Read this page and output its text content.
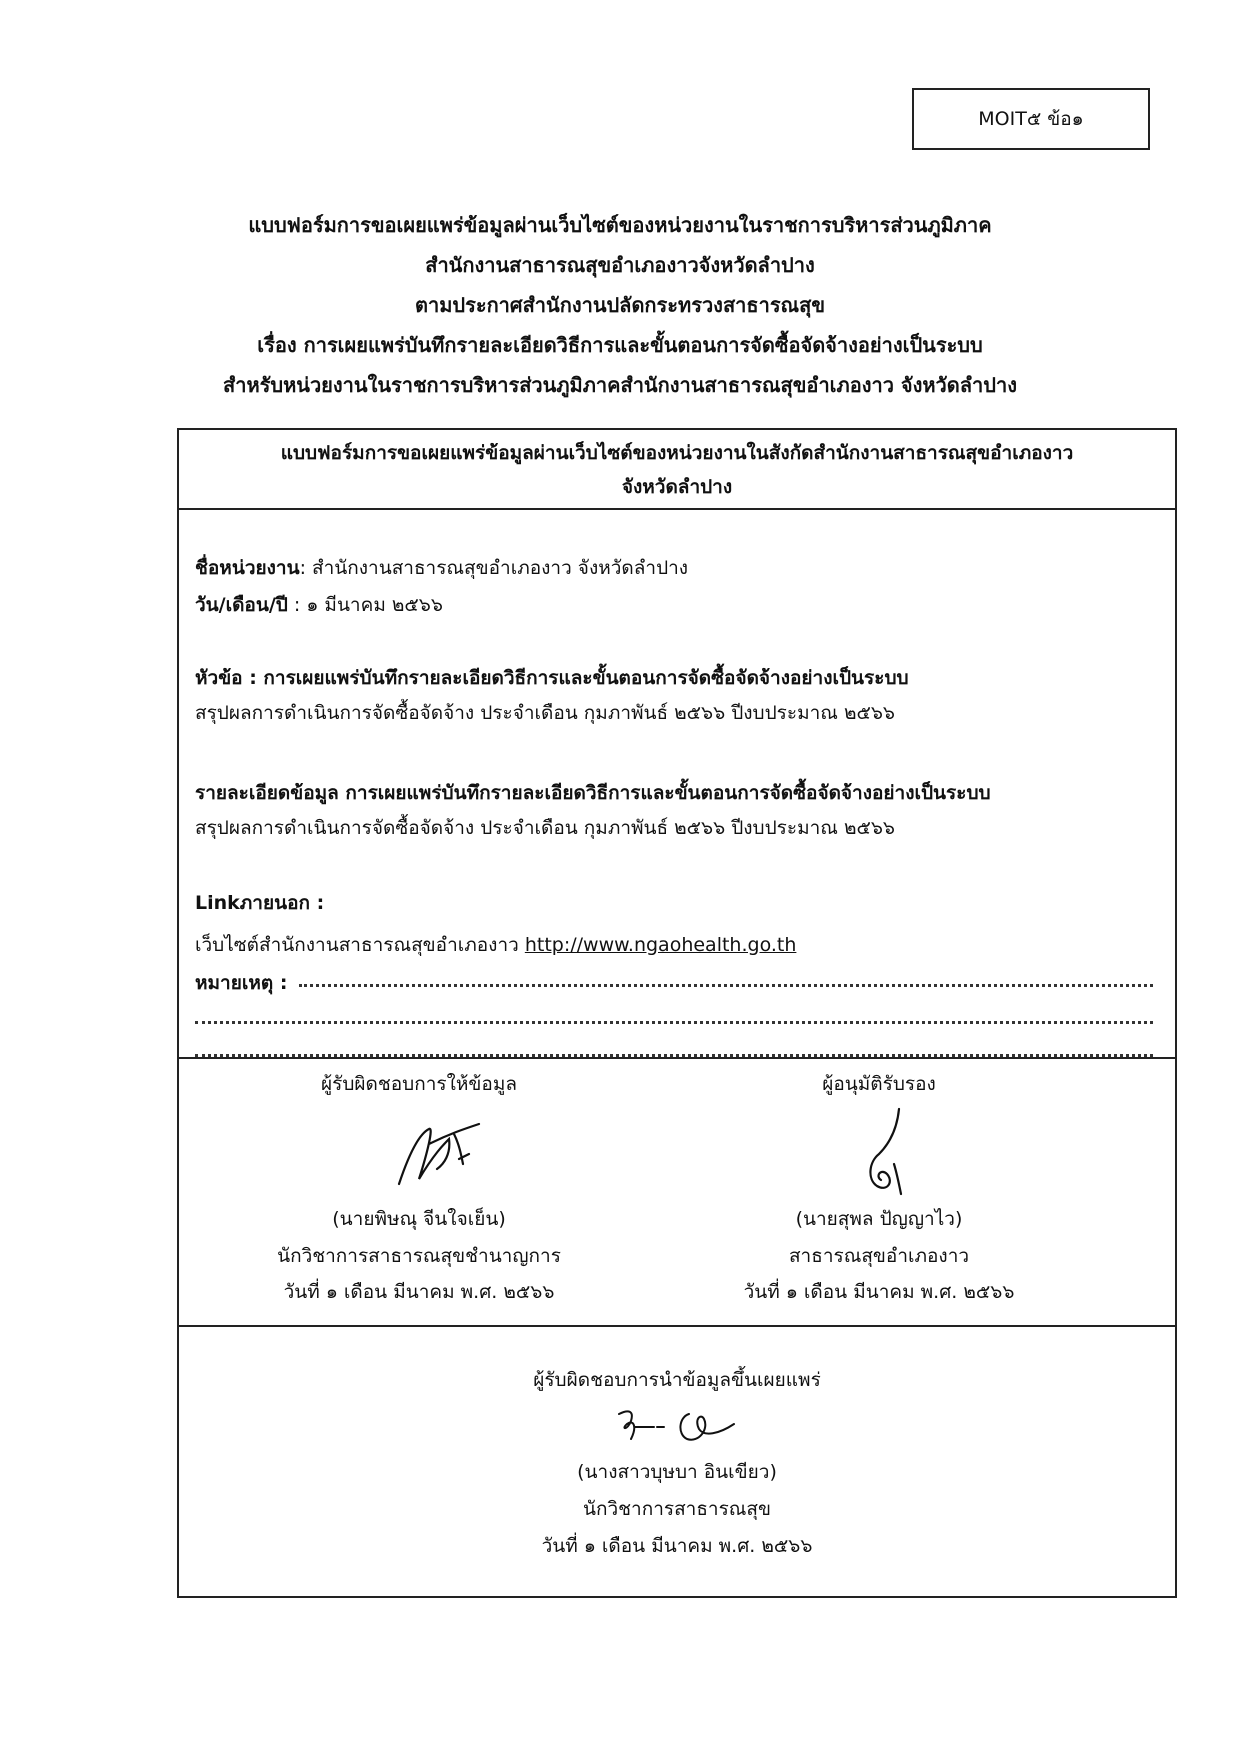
MOIT๕ ข้อ๑
แบบฟอร์มการขอเผยแพร่ข้อมูลผ่านเว็บไซต์ของหน่วยงานในราชการบริหารส่วนภูมิภาค
สำนักงานสาธารณสุขอำเภองาวจังหวัดลำปาง
ตามประกาศสำนักงานปลัดกระทรวงสาธารณสุข
เรื่อง การเผยแพร่บันทึกรายละเอียดวิธีการและขั้นตอนการจัดซื้อจัดจ้างอย่างเป็นระบบ
สำหรับหน่วยงานในราชการบริหารส่วนภูมิภาคสำนักงานสาธารณสุขอำเภองาว จังหวัดลำปาง
แบบฟอร์มการขอเผยแพร่ข้อมูลผ่านเว็บไซต์ของหน่วยงานในสังกัดสำนักงานสาธารณสุขอำเภองาว
จังหวัดลำปาง
ชื่อหน่วยงาน: สำนักงานสาธารณสุขอำเภองาว จังหวัดลำปาง
วัน/เดือน/ปี : ๑ มีนาคม ๒๕๖๖
หัวข้อ : การเผยแพร่บันทึกรายละเอียดวิธีการและขั้นตอนการจัดซื้อจัดจ้างอย่างเป็นระบบ
สรุปผลการดำเนินการจัดซื้อจัดจ้าง ประจำเดือน กุมภาพันธ์ ๒๕๖๖ ปีงบประมาณ ๒๕๖๖
รายละเอียดข้อมูล การเผยแพร่บันทึกรายละเอียดวิธีการและขั้นตอนการจัดซื้อจัดจ้างอย่างเป็นระบบ
สรุปผลการดำเนินการจัดซื้อจัดจ้าง ประจำเดือน กุมภาพันธ์ ๒๕๖๖ ปีงบประมาณ ๒๕๖๖
Linkภายนอก :
เว็บไซต์สำนักงานสาธารณสุขอำเภองาว http://www.ngaohealth.go.th
หมายเหตุ :
ผู้รับผิดชอบการให้ข้อมูล
(นายพิษณุ จีนใจเย็น)
นักวิชาการสาธารณสุขชำนาญการ
วันที่ ๑ เดือน มีนาคม พ.ศ. ๒๕๖๖
ผู้อนุมัติรับรอง
(นายสุพล ปัญญาไว)
สาธารณสุขอำเภองาว
วันที่ ๑ เดือน มีนาคม พ.ศ. ๒๕๖๖
ผู้รับผิดชอบการนำข้อมูลขึ้นเผยแพร่
(นางสาวบุษบา อินเขียว)
นักวิชาการสาธารณสุข
วันที่ ๑ เดือน มีนาคม พ.ศ. ๒๕๖๖
